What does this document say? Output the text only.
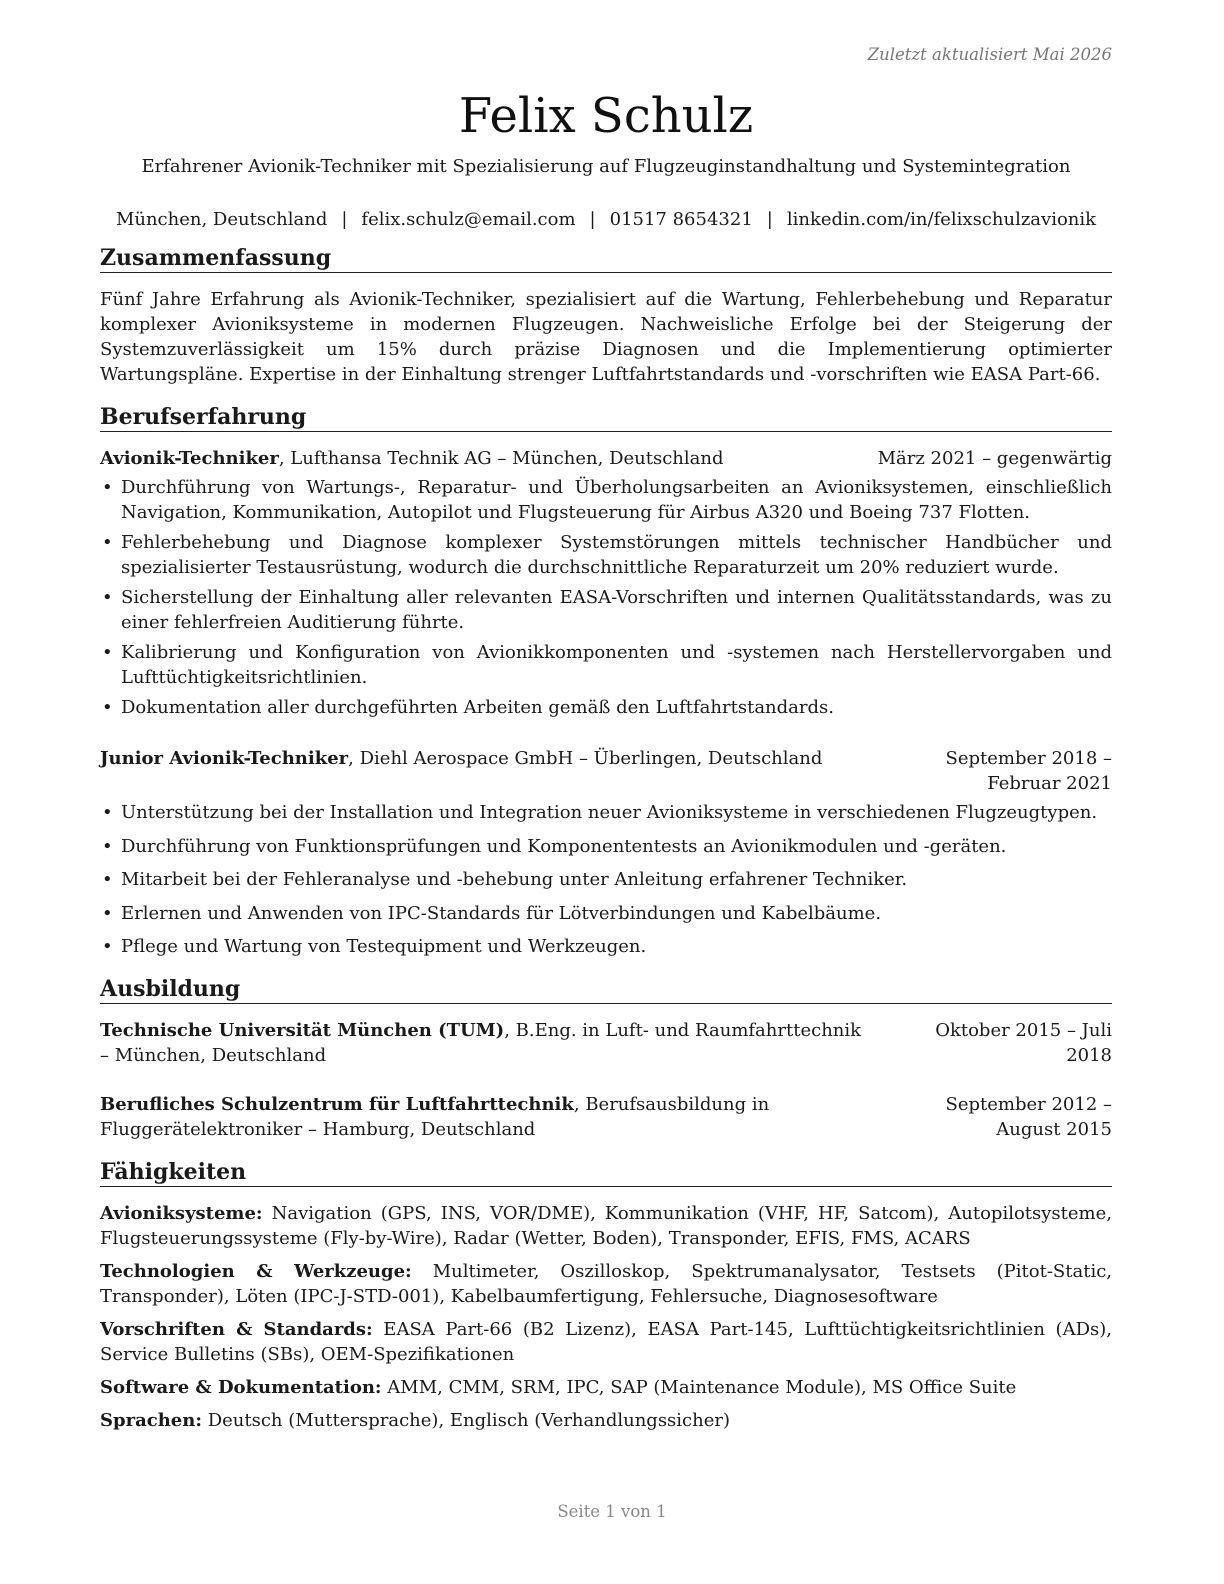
Zuletzt aktualisiert Mai 2026
Felix Schulz
Erfahrener Avionik-Techniker mit Spezialisierung auf Flugzeuginstandhaltung und Systemintegration
München, Deutschland | felix.schulz@email.com | 01517 8654321 | linkedin.com/in/felixschulzavionik
Zusammenfassung

Fünf Jahre Erfahrung als Avionik-Techniker, spezialisiert auf die Wartung, Fehlerbehebung und Reparatur komplexer Avioniksysteme in modernen Flugzeugen. Nachweisliche Erfolge bei der Steigerung der Systemzuverlässigkeit um 15% durch präzise Diagnosen und die Implementierung optimierter Wartungspläne. Expertise in der Einhaltung strenger Luftfahrtstandards und -vorschriften wie EASA Part-66.

Berufserfahrung
Avionik-Techniker, Lufthansa Technik AG – München, Deutschland	März 2021 – gegenwärtig
• Durchführung von Wartungs-, Reparatur- und Überholungsarbeiten an Avioniksystemen, einschließlich Navigation, Kommunikation, Autopilot und Flugsteuerung für Airbus A320 und Boeing 737 Flotten.
• Fehlerbehebung und Diagnose komplexer Systemstörungen mittels technischer Handbücher und spezialisierter Testausrüstung, wodurch die durchschnittliche Reparaturzeit um 20% reduziert wurde.
• Sicherstellung der Einhaltung aller relevanten EASA-Vorschriften und internen Qualitätsstandards, was zu einer fehlerfreien Auditierung führte.
• Kalibrierung und Konfiguration von Avionikkomponenten und -systemen nach Herstellervorgaben und Lufttüchtigkeitsrichtlinien.
• Dokumentation aller durchgeführten Arbeiten gemäß den Luftfahrtstandards.
Junior Avionik-Techniker, Diehl Aerospace GmbH – Überlingen, Deutschland	September 2018 – Februar 2021
• Unterstützung bei der Installation und Integration neuer Avioniksysteme in verschiedenen Flugzeugtypen.
• Durchführung von Funktionsprüfungen und Komponententests an Avionikmodulen und -geräten.
• Mitarbeit bei der Fehleranalyse und -behebung unter Anleitung erfahrener Techniker.
• Erlernen und Anwenden von IPC-Standards für Lötverbindungen und Kabelbäume.
• Pflege und Wartung von Testequipment und Werkzeugen.
Ausbildung
Technische Universität München (TUM), B.Eng. in Luft- und Raumfahrttechnik – München, Deutschland
Oktober 2015 – Juli 2018
Berufliches Schulzentrum für Luftfahrttechnik, Berufsausbildung in Fluggerätelektroniker – Hamburg, Deutschland
September 2012 – August 2015
Fähigkeiten
Avioniksysteme: Navigation (GPS, INS, VOR/DME), Kommunikation (VHF, HF, Satcom), Autopilotsysteme, Flugsteuerungssysteme (Fly-by-Wire), Radar (Wetter, Boden), Transponder, EFIS, FMS, ACARS
Technologien & Werkzeuge: Multimeter, Oszilloskop, Spektrumanalysator, Testsets (Pitot-Static, Transponder), Löten (IPC-J-STD-001), Kabelbaumfertigung, Fehlersuche, Diagnosesoftware
Vorschriften & Standards: EASA Part-66 (B2 Lizenz), EASA Part-145, Lufttüchtigkeitsrichtlinien (ADs), Service Bulletins (SBs), OEM-Spezifikationen
Software & Dokumentation: AMM, CMM, SRM, IPC, SAP (Maintenance Module), MS Office Suite
Sprachen: Deutsch (Muttersprache), Englisch (Verhandlungssicher)
Seite 1 von 1
